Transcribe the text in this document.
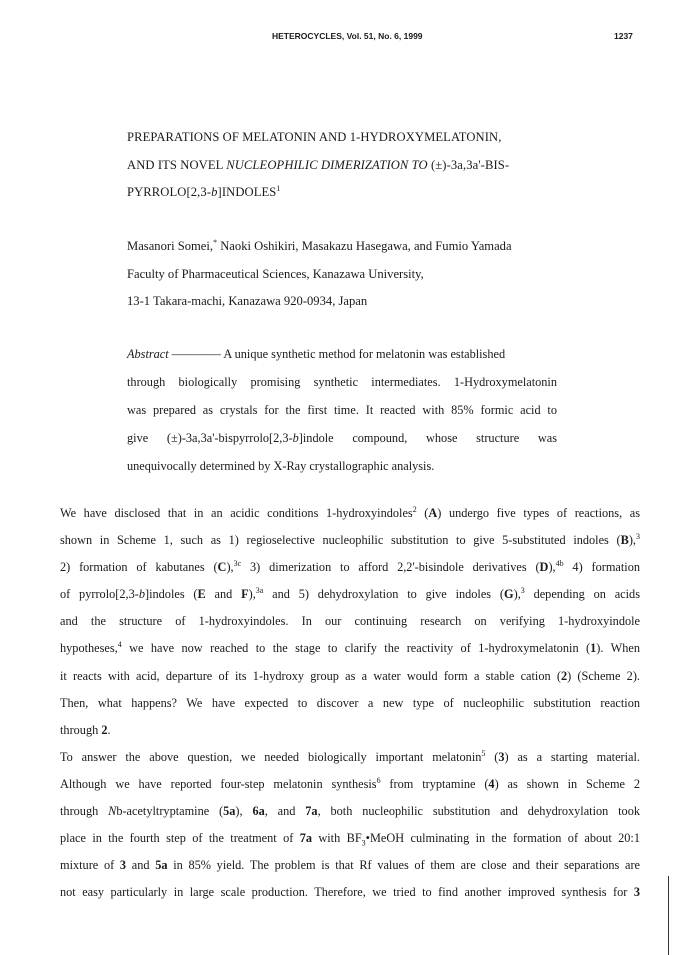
HETEROCYCLES, Vol. 51, No. 6, 1999	1237
PREPARATIONS OF MELATONIN AND 1-HYDROXYMELATONIN,
AND ITS NOVEL NUCLEOPHILIC DIMERIZATION TO (±)-3a,3a'-BIS-
PYRROLO[2,3-b]INDOLES$^1$
Masanori Somei,* Naoki Oshikiri, Masakazu Hasegawa, and Fumio Yamada
Faculty of Pharmaceutical Sciences, Kanazawa University,
13-1 Takara-machi, Kanazawa 920-0934, Japan
Abstract ———— A unique synthetic method for melatonin was established
through biologically promising synthetic intermediates. 1-Hydroxymelatonin
was prepared as crystals for the first time. It reacted with 85% formic acid to
give (±)-3a,3a'-bispyrrolo[2,3-b]indole compound, whose structure was
unequivocally determined by X-Ray crystallographic analysis.
We have disclosed that in an acidic conditions 1-hydroxyindoles$^2$ (A) undergo five types of reactions, as
shown in Scheme 1, such as 1) regioselective nucleophilic substitution to give 5-substituted indoles (B),$^3$
2) formation of kabutanes (C),$^{3c}$ 3) dimerization to afford 2,2'-bisindole derivatives (D),$^{4b}$ 4) formation
of pyrrolo[2,3-b]indoles (E and F),$^{3a}$ and 5) dehydroxylation to give indoles (G),$^3$ depending on acids
and the structure of 1-hydroxyindoles. In our continuing research on verifying 1-hydroxyindole
hypotheses,$^4$ we have now reached to the stage to clarify the reactivity of 1-hydroxymelatonin (1). When
it reacts with acid, departure of its 1-hydroxy group as a water would form a stable cation (2) (Scheme 2).
Then, what happens? We have expected to discover a new type of nucleophilic substitution reaction
through 2.
To answer the above question, we needed biologically important melatonin$^5$ (3) as a starting material.
Although we have reported four-step melatonin synthesis$^6$ from tryptamine (4) as shown in Scheme 2
through Nb-acetyltryptamine (5a), 6a, and 7a, both nucleophilic substitution and dehydroxylation took
place in the fourth step of the treatment of 7a with $BF_3•MeOH$ culminating in the formation of about 20:1
mixture of 3 and 5a in 85% yield. The problem is that Rf values of them are close and their separations are
not easy particularly in large scale production. Therefore, we tried to find another improved synthesis for 3
